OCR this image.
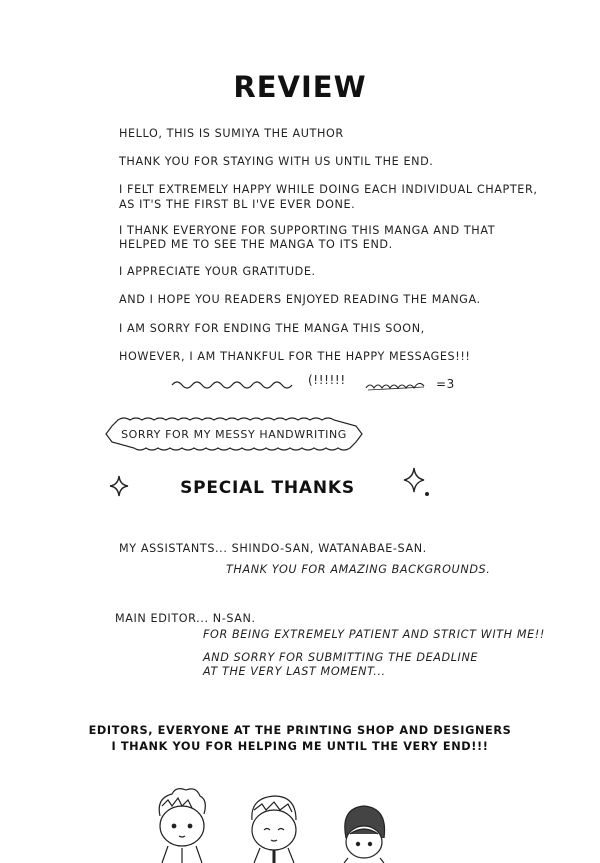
REVIEW
HELLO, THIS IS SUMIYA THE AUTHOR
THANK YOU FOR STAYING WITH US UNTIL THE END.
I FELT EXTREMELY HAPPY WHILE DOING EACH INDIVIDUAL CHAPTER,
AS IT'S THE FIRST BL I'VE EVER DONE.
I THANK EVERYONE FOR SUPPORTING THIS MANGA AND THAT
HELPED ME TO SEE THE MANGA TO ITS END.
I APPRECIATE YOUR GRATITUDE.
AND I HOPE YOU READERS ENJOYED READING THE MANGA.
I AM SORRY FOR ENDING THE MANGA THIS SOON,
HOWEVER, I AM THANKFUL FOR THE HAPPY MESSAGES!!!
(!!!!!!	=3
SORRY FOR MY MESSY HANDWRITING
SPECIAL THANKS
MY ASSISTANTS... SHINDO-SAN, WATANABAE-SAN.
THANK YOU FOR AMAZING BACKGROUNDS.
MAIN EDITOR... N-SAN.
FOR BEING EXTREMELY PATIENT AND STRICT WITH ME!!
AND SORRY FOR SUBMITTING THE DEADLINE
AT THE VERY LAST MOMENT...
EDITORS, EVERYONE AT THE PRINTING SHOP AND DESIGNERS
I THANK YOU FOR HELPING ME UNTIL THE VERY END!!!
